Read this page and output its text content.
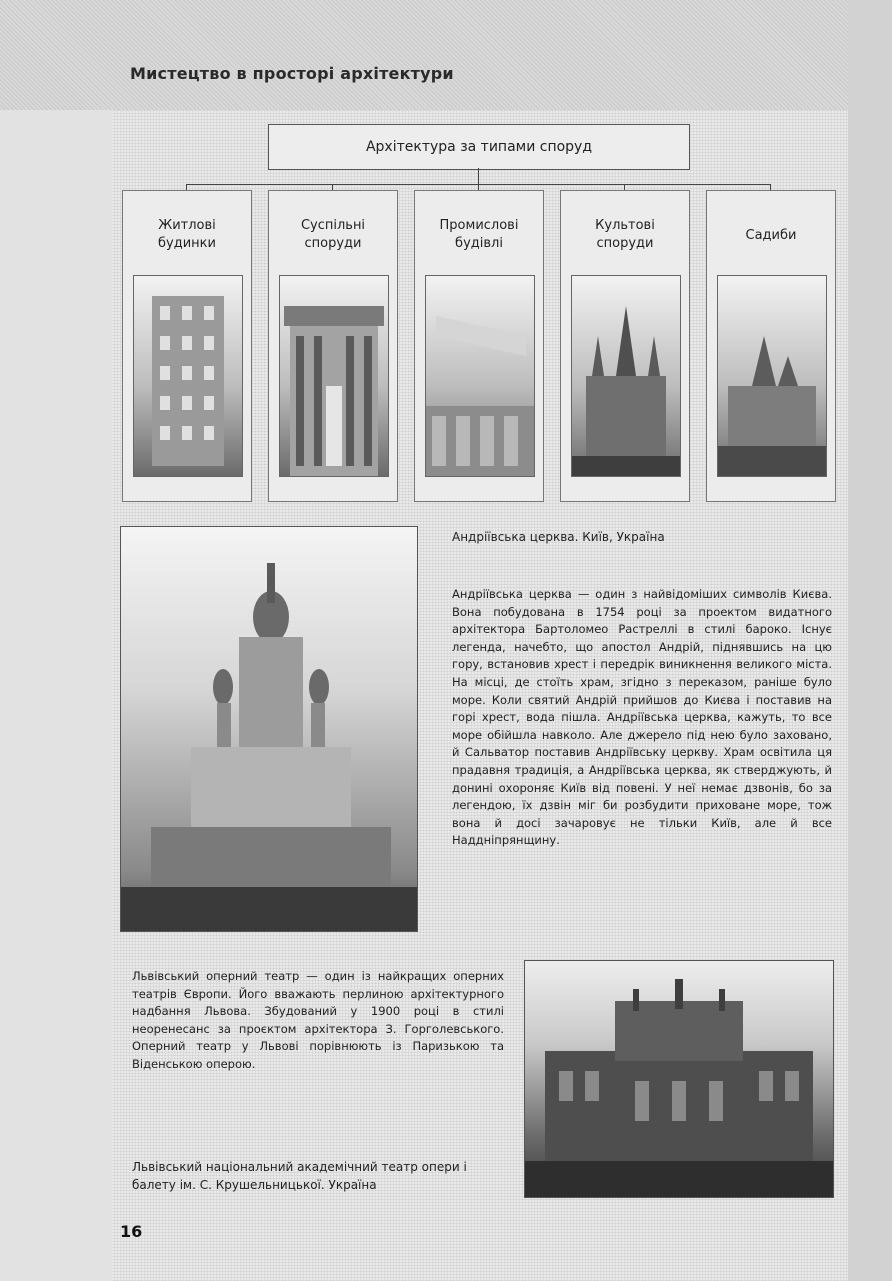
Мистецтво в просторі архітектури
Архітектура за типами споруд
Житлові
будинки
Суспільні
споруди
Промислові
будівлі
Культові
споруди
Садиби
Андріївська церква. Київ, Україна
Андріївська церква — один з найвідоміших символів Києва. Вона побудована в 1754 році за проектом видатного архітектора Бартоломео Растреллі в стилі бароко. Існує легенда, начебто, що апостол Андрій, піднявшись на цю гору, встановив хрест і передрік виникнення великого міста. На місці, де стоїть храм, згідно з переказом, раніше було море. Коли святий Андрій прийшов до Києва і поставив на горі хрест, вода пішла. Андріївська церква, кажуть, то все море обійшла навколо. Але джерело під нею було заховано, й Сальватор поставив Андріївську церкву. Храм освітила ця прадавня традиція, а Андріївська церква, як стверджують, й донині охороняє Київ від повені. У неї немає дзвонів, бо за легендою, їх дзвін міг би розбудити приховане море, тож вона й досі зачаровує не тільки Київ, але й все Наддніпрянщину.
Львівський оперний театр — один із найкращих оперних театрів Європи. Його вважають перлиною архітектурного надбання Львова. Збудований у 1900 році в стилі неоренесанс за проєктом архітектора З. Горголевського. Оперний театр у Львові порівнюють із Паризькою та Віденською оперою.
Львівський національний академічний театр опери і балету ім. С. Крушельницької. Україна
16
